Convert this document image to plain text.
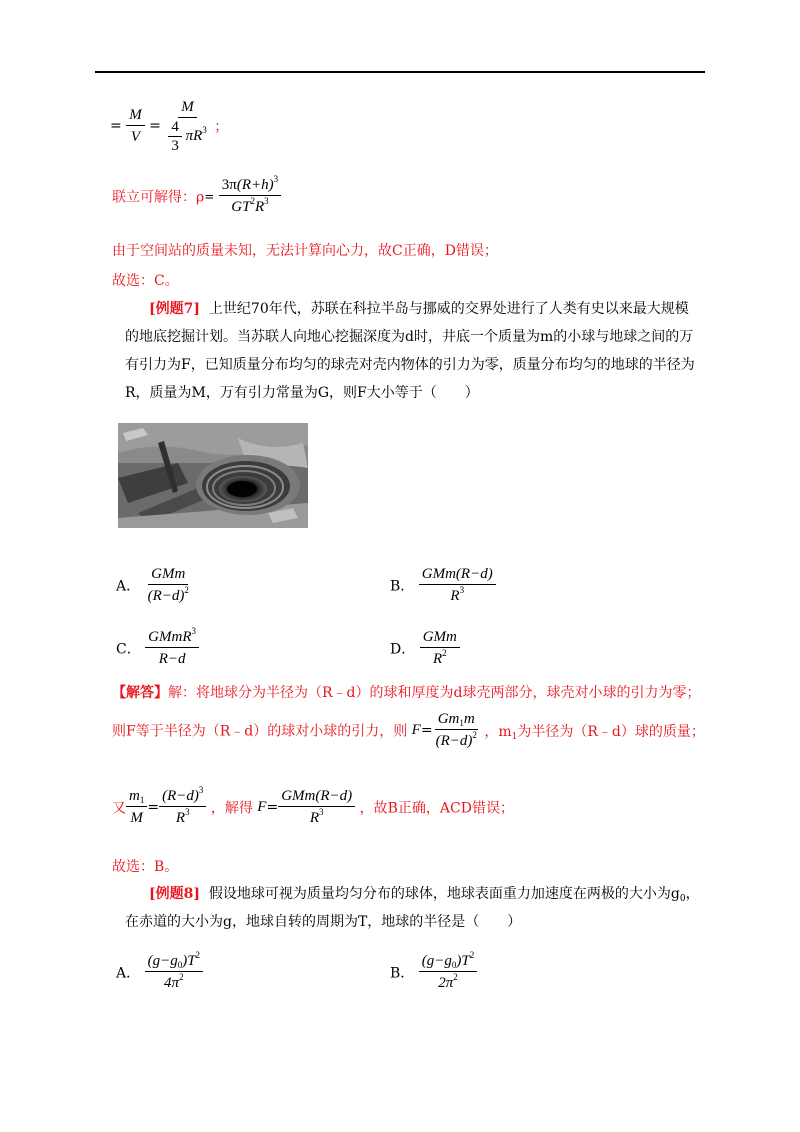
= $\frac{M}{V} = \frac{M}{\frac{4}{3} \pi R^3}$ ；
联立可解得：$\rho= \frac{3\pi(R+h)^3}{GT^2R^3}$
由于空间站的质量未知，无法计算向心力，故C正确，D错误；
故选：C。
[例题7] 上世纪70年代，苏联在科拉半岛与挪威的交界处进行了人类有史以来最大规模
的地底挖掘计划。当苏联人向地心挖掘深度为d时，井底一个质量为m的小球与地球之间的万
有引力为F，已知质量分布均匀的球壳对壳内物体的引力为零，质量分布均匀的地球的半径为
R，质量为M，万有引力常量为G，则F大小等于（　　）
A． $\frac{\text{GMm}}{(R-d)^2}$	B． $\frac{\text{GMm(R−d)}}{R^3}$
C． $\frac{GMmR^3}{R-d}$	D． $\frac{\text{GMm}}{R^2}$
【解答】解：将地球分为半径为（R﹣d）的球和厚度为d球壳两部分，球壳对小球的引力为零；
则F等于半径为（R﹣d）的球对小球的引力，则 $F= \frac{Gm_1m}{(R-d)^2}$ ，$m_1$为半径为（R﹣d）球的质量；
又 $\frac{m_1}{M} = \frac{(R-d)^3}{R^3}$ ，解得 $F= \frac{\text{GMm(R−d)}}{R^3}$ ，故B正确，ACD错误；
故选：B。
[例题8] 假设地球可视为质量均匀分布的球体，地球表面重力加速度在两极的大小为$g_0$，
在赤道的大小为g，地球自转的周期为T，地球的半径是（　　）
A． $\frac{(g-g_0)T^2}{4\pi^2}$	B． $\frac{(g-g_0)T^2}{2\pi^2}$
